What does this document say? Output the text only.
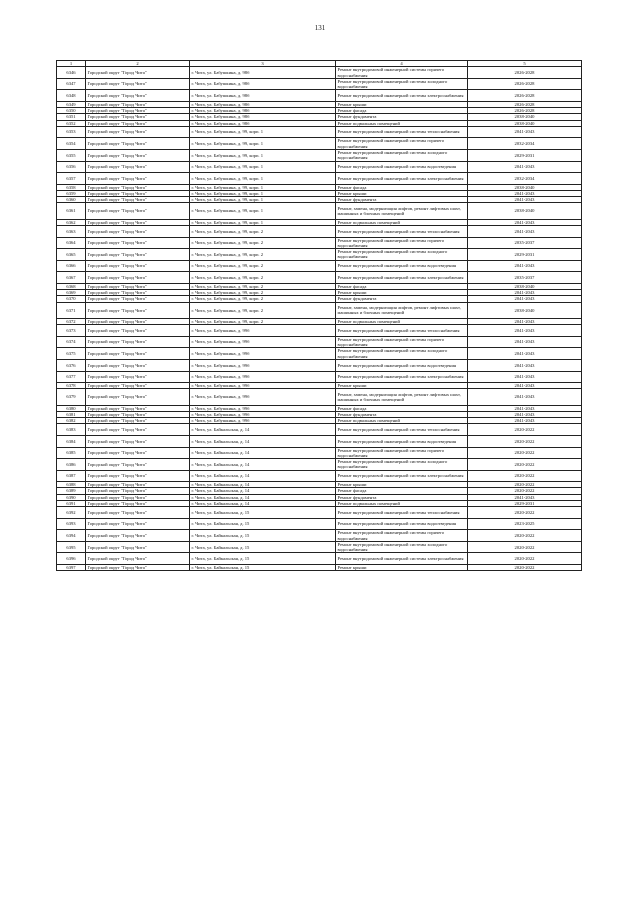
131
1	2	3	4	5
6346	Городской округ "Город Чита"	г. Чита, ул. Бабушкина, д. 98б	Ремонт внутридомовой инженерной системы горячего водоснабжения	2026-2028
6347	Городской округ "Город Чита"	г. Чита, ул. Бабушкина, д. 98б	Ремонт внутридомовой инженерной системы холодного водоснабжения	2026-2028
6348	Городской округ "Город Чита"	г. Чита, ул. Бабушкина, д. 98б	Ремонт внутридомовой инженерной системы электроснабжения	2026-2028
6349	Городской округ "Город Чита"	г. Чита, ул. Бабушкина, д. 98б	Ремонт крыши	2026-2028
6350	Городской округ "Город Чита"	г. Чита, ул. Бабушкина, д. 98б	Ремонт фасада	2026-2028
6351	Городской округ "Город Чита"	г. Чита, ул. Бабушкина, д. 98б	Ремонт фундамента	2038-2040
6352	Городской округ "Город Чита"	г. Чита, ул. Бабушкина, д. 98б	Ремонт подвальных помещений	2038-2040
6353	Городской округ "Город Чита"	г. Чита, ул. Бабушкина, д. 99, корп. 1	Ремонт внутридомовой инженерной системы теплоснабжения	2041-2043
6354	Городской округ "Город Чита"	г. Чита, ул. Бабушкина, д. 99, корп. 1	Ремонт внутридомовой инженерной системы горячего водоснабжения	2032-2034
6355	Городской округ "Город Чита"	г. Чита, ул. Бабушкина, д. 99, корп. 1	Ремонт внутридомовой инженерной системы холодного водоснабжения	2029-2031
6356	Городской округ "Город Чита"	г. Чита, ул. Бабушкина, д. 99, корп. 1	Ремонт внутридомовой инженерной системы водоотведения	2041-2043
6357	Городской округ "Город Чита"	г. Чита, ул. Бабушкина, д. 99, корп. 1	Ремонт внутридомовой инженерной системы электроснабжения	2032-2034
6358	Городской округ "Город Чита"	г. Чита, ул. Бабушкина, д. 99, корп. 1	Ремонт фасада	2038-2040
6359	Городской округ "Город Чита"	г. Чита, ул. Бабушкина, д. 99, корп. 1	Ремонт крыши	2041-2043
6360	Городской округ "Город Чита"	г. Чита, ул. Бабушкина, д. 99, корп. 1	Ремонт фундамента	2041-2043
6361	Городской округ "Город Чита"	г. Чита, ул. Бабушкина, д. 99, корп. 1	Ремонт, замена, модернизация лифтов, ремонт лифтовых шахт, машинных и блочных помещений	2038-2040
6362	Городской округ "Город Чита"	г. Чита, ул. Бабушкина, д. 99, корп. 1	Ремонт подвальных помещений	2041-2043
6363	Городской округ "Город Чита"	г. Чита, ул. Бабушкина, д. 99, корп. 2	Ремонт внутридомовой инженерной системы теплоснабжения	2041-2043
6364	Городской округ "Город Чита"	г. Чита, ул. Бабушкина, д. 99, корп. 2	Ремонт внутридомовой инженерной системы горячего водоснабжения	2035-2037
6365	Городской округ "Город Чита"	г. Чита, ул. Бабушкина, д. 99, корп. 2	Ремонт внутридомовой инженерной системы холодного водоснабжения	2029-2031
6366	Городской округ "Город Чита"	г. Чита, ул. Бабушкина, д. 99, корп. 2	Ремонт внутридомовой инженерной системы водоотведения	2041-2043
6367	Городской округ "Город Чита"	г. Чита, ул. Бабушкина, д. 99, корп. 2	Ремонт внутридомовой инженерной системы электроснабжения	2035-2037
6368	Городской округ "Город Чита"	г. Чита, ул. Бабушкина, д. 99, корп. 2	Ремонт фасада	2038-2040
6369	Городской округ "Город Чита"	г. Чита, ул. Бабушкина, д. 99, корп. 2	Ремонт крыши	2041-2043
6370	Городской округ "Город Чита"	г. Чита, ул. Бабушкина, д. 99, корп. 2	Ремонт фундамента	2041-2043
6371	Городской округ "Город Чита"	г. Чита, ул. Бабушкина, д. 99, корп. 2	Ремонт, замена, модернизация лифтов, ремонт лифтовых шахт, машинных и блочных помещений	2038-2040
6372	Городской округ "Город Чита"	г. Чита, ул. Бабушкина, д. 99, корп. 2	Ремонт подвальных помещений	2041-2043
6373	Городской округ "Город Чита"	г. Чита, ул. Бабушкина, д. 99б	Ремонт внутридомовой инженерной системы теплоснабжения	2041-2043
6374	Городской округ "Город Чита"	г. Чита, ул. Бабушкина, д. 99б	Ремонт внутридомовой инженерной системы горячего водоснабжения	2041-2043
6375	Городской округ "Город Чита"	г. Чита, ул. Бабушкина, д. 99б	Ремонт внутридомовой инженерной системы холодного водоснабжения	2041-2043
6376	Городской округ "Город Чита"	г. Чита, ул. Бабушкина, д. 99б	Ремонт внутридомовой инженерной системы водоотведения	2041-2043
6377	Городской округ "Город Чита"	г. Чита, ул. Бабушкина, д. 99б	Ремонт внутридомовой инженерной системы электроснабжения	2041-2043
6378	Городской округ "Город Чита"	г. Чита, ул. Бабушкина, д. 99б	Ремонт крыши	2041-2043
6379	Городской округ "Город Чита"	г. Чита, ул. Бабушкина, д. 99б	Ремонт, замена, модернизация лифтов, ремонт лифтовых шахт, машинных и блочных помещений	2041-2043
6380	Городской округ "Город Чита"	г. Чита, ул. Бабушкина, д. 99б	Ремонт фасада	2041-2043
6381	Городской округ "Город Чита"	г. Чита, ул. Бабушкина, д. 99б	Ремонт фундамента	2041-2043
6382	Городской округ "Город Чита"	г. Чита, ул. Бабушкина, д. 99б	Ремонт подвальных помещений	2041-2043
6383	Городской округ "Город Чита"	г. Чита, ул. Байкальская, д. 14	Ремонт внутридомовой инженерной системы теплоснабжения	2020-2022
6384	Городской округ "Город Чита"	г. Чита, ул. Байкальская, д. 14	Ремонт внутридомовой инженерной системы водоотведения	2020-2022
6385	Городской округ "Город Чита"	г. Чита, ул. Байкальская, д. 14	Ремонт внутридомовой инженерной системы горячего водоснабжения	2020-2022
6386	Городской округ "Город Чита"	г. Чита, ул. Байкальская, д. 14	Ремонт внутридомовой инженерной системы холодного водоснабжения	2020-2022
6387	Городской округ "Город Чита"	г. Чита, ул. Байкальская, д. 14	Ремонт внутридомовой инженерной системы электроснабжения	2020-2022
6388	Городской округ "Город Чита"	г. Чита, ул. Байкальская, д. 14	Ремонт крыши	2020-2022
6389	Городской округ "Город Чита"	г. Чита, ул. Байкальская, д. 14	Ремонт фасада	2020-2022
6390	Городской округ "Город Чита"	г. Чита, ул. Байкальская, д. 14	Ремонт фундамента	2041-2043
6391	Городской округ "Город Чита"	г. Чита, ул. Байкальская, д. 14	Ремонт подвальных помещений	2029-2031
6392	Городской округ "Город Чита"	г. Чита, ул. Байкальская, д. 15	Ремонт внутридомовой инженерной системы теплоснабжения	2020-2022
6393	Городской округ "Город Чита"	г. Чита, ул. Байкальская, д. 15	Ремонт внутридомовой инженерной системы водоотведения	2023-2025
6394	Городской округ "Город Чита"	г. Чита, ул. Байкальская, д. 15	Ремонт внутридомовой инженерной системы горячего водоснабжения	2020-2022
6395	Городской округ "Город Чита"	г. Чита, ул. Байкальская, д. 15	Ремонт внутридомовой инженерной системы холодного водоснабжения	2020-2022
6396	Городской округ "Город Чита"	г. Чита, ул. Байкальская, д. 15	Ремонт внутридомовой инженерной системы электроснабжения	2020-2022
6397	Городской округ "Город Чита"	г. Чита, ул. Байкальская, д. 15	Ремонт крыши	2020-2022
